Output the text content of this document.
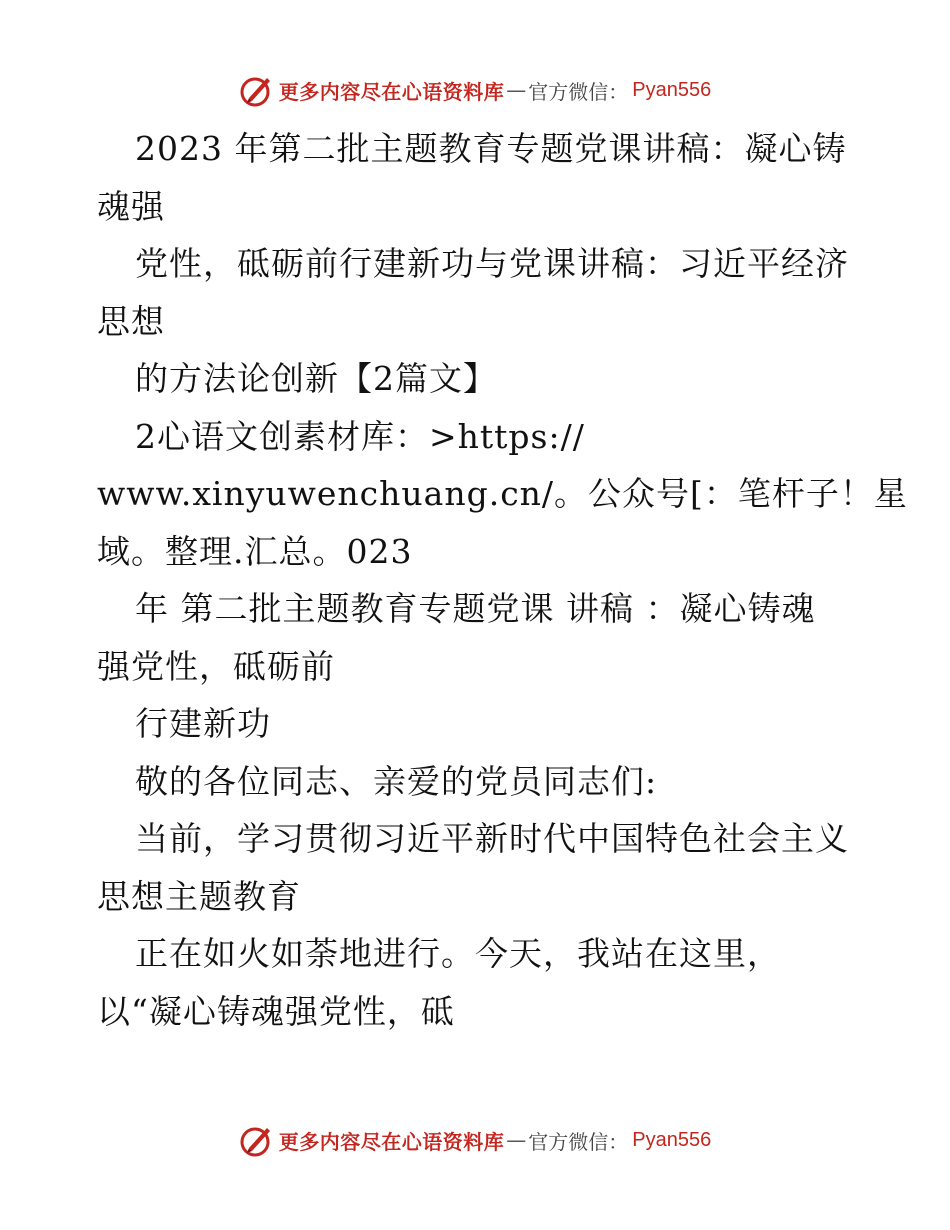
更多内容尽在心语资料库 — 官方微信： Pyan556
2023 年第二批主题教育专题党课讲稿：凝心铸
魂强
党性，砥砺前行建新功与党课讲稿：习近平经济
思想
的方法论创新【2篇文】
2心语文创素材库：>https://
www.xinyuwenchuang.cn/。公众号[：笔杆子！星
域。整理.汇总。023
年 第二批主题教育专题党课 讲稿 ：凝心铸魂
强党性，砥砺前
行建新功
敬的各位同志、亲爱的党员同志们:
当前，学习贯彻习近平新时代中国特色社会主义
思想主题教育
正在如火如荼地进行。今天，我站在这里，
以“凝心铸魂强党性，砥
更多内容尽在心语资料库 — 官方微信： Pyan556
